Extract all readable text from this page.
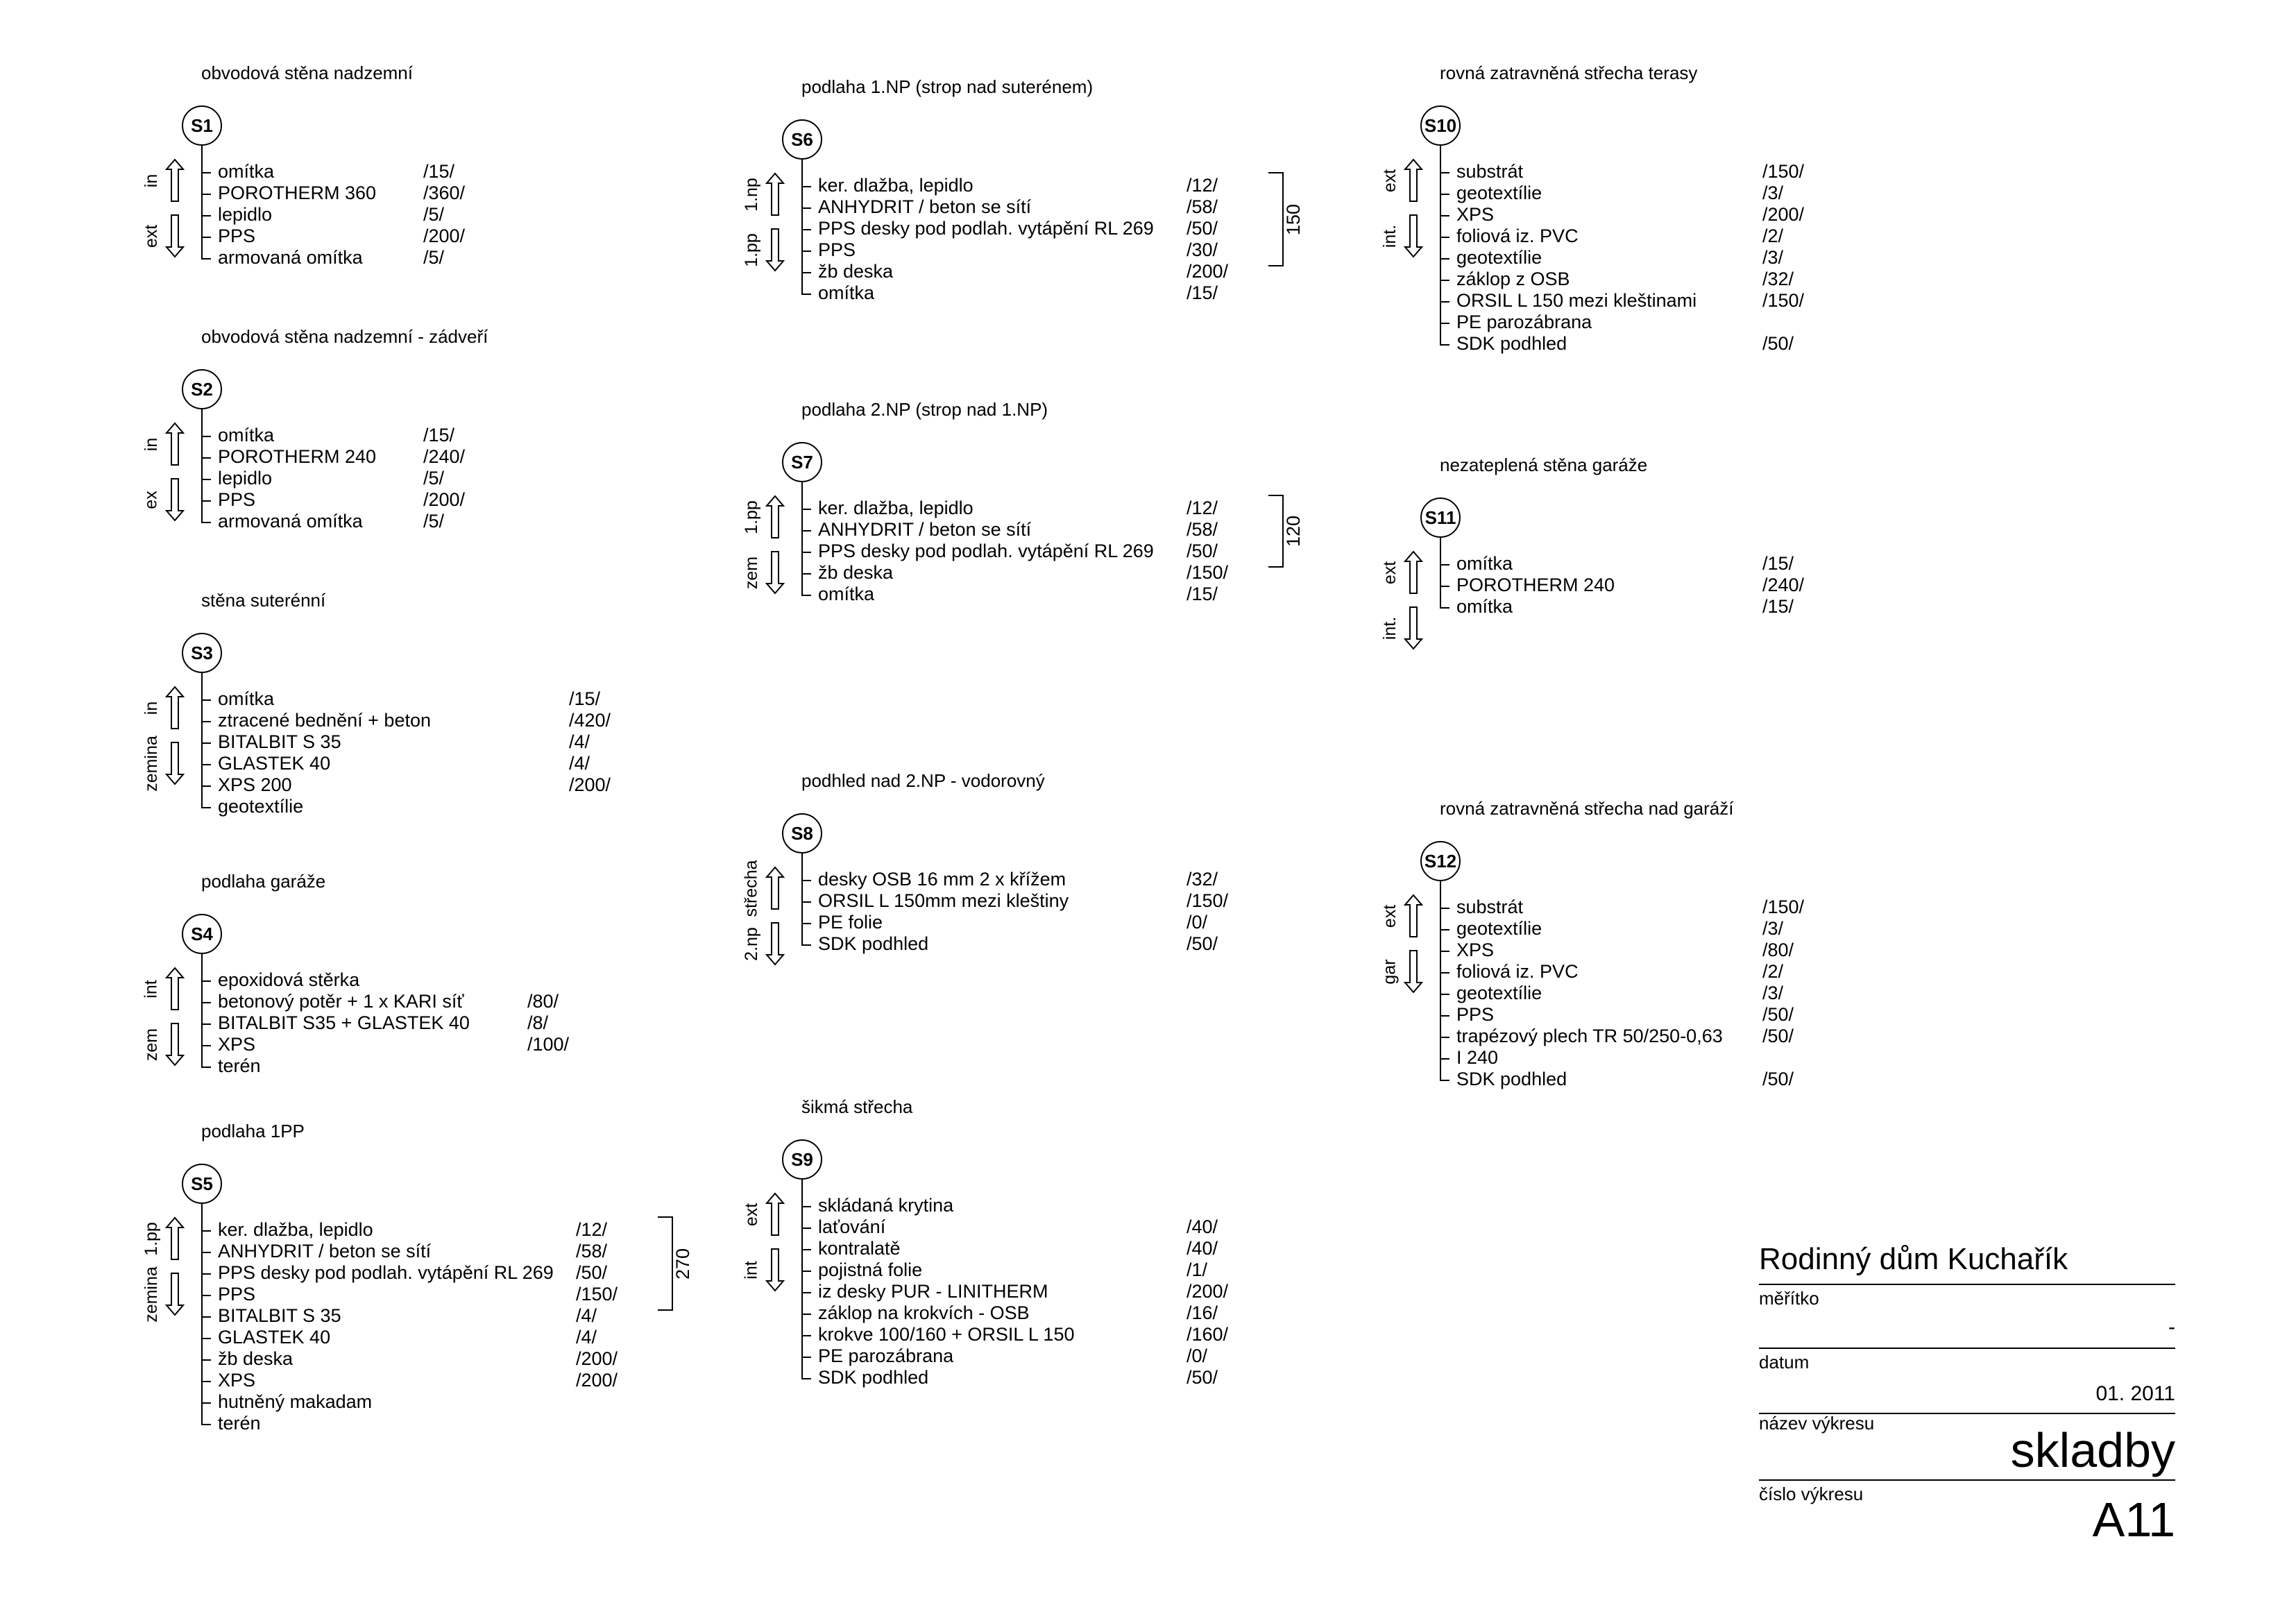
obvodová stěna nadzemní
S1
omítka	/15/
POROTHERM 360	/360/
lepidlo	/5/
PPS	/200/
armovaná omítka	/5/
in
ext
obvodová stěna nadzemní - zádveří
S2
omítka	/15/
POROTHERM 240	/240/
lepidlo	/5/
PPS	/200/
armovaná omítka	/5/
in
ex
stěna suterénní
S3
omítka	/15/
ztracené bednění + beton	/420/
BITALBIT S 35	/4/
GLASTEK 40	/4/
XPS 200	/200/
geotextílie
in
zemina
podlaha garáže
S4
epoxidová stěrka
betonový potěr + 1 x KARI síť	/80/
BITALBIT S35 + GLASTEK 40	/8/
XPS	/100/
terén
int
zem
podlaha 1PP
S5
ker. dlažba, lepidlo	/12/
ANHYDRIT / beton se sítí	/58/
PPS desky pod podlah. vytápění RL 269 /50/
PPS	/150/
BITALBIT S 35	/4/
GLASTEK 40	/4/
žb deska	/200/
XPS	/200/
hutněný makadam
terén
1.pp
zemina
270
podlaha 1.NP (strop nad suterénem)
S6
ker. dlažba, lepidlo	/12/
ANHYDRIT / beton se sítí	/58/
PPS desky pod podlah. vytápění RL 269 /50/
PPS	/30/
žb deska	/200/
omítka	/15/
1.np
1.pp
150
podlaha 2.NP (strop nad 1.NP)
S7
ker. dlažba, lepidlo	/12/
ANHYDRIT / beton se sítí	/58/
PPS desky pod podlah. vytápění RL 269 /50/
žb deska	/150/
omítka	/15/
1.pp
zem
120
podhled nad 2.NP - vodorovný
S8
desky OSB 16 mm 2 x křížem	/32/
ORSIL L 150mm mezi kleštiny	/150/
PE folie	/0/
SDK podhled	/50/
střecha
2.np
šikmá střecha
S9
skládaná krytina
laťování	/40/
kontralatě	/40/
pojistná folie	/1/
iz desky PUR - LINITHERM	/200/
záklop na krokvích - OSB	/16/
krokve 100/160 + ORSIL L 150	/160/
PE parozábrana	/0/
SDK podhled	/50/
ext
int
rovná zatravněná střecha terasy
S10
substrát	/150/
geotextílie	/3/
XPS	/200/
foliová iz. PVC	/2/
geotextílie	/3/
záklop z OSB	/32/
ORSIL L 150 mezi kleštinami	/150/
PE parozábrana
SDK podhled	/50/
ext
int.
nezateplená stěna garáže
S11
omítka	/15/
POROTHERM 240	/240/
omítka	/15/
ext
int.
rovná zatravněná střecha nad garáží
S12
substrát	/150/
geotextílie	/3/
XPS	/80/
foliová iz. PVC	/2/
geotextílie	/3/
PPS	/50/
trapézový plech TR 50/250-0,63 /50/
I 240
SDK podhled	/50/
ext
gar
Rodinný dům Kuchařík
měřítko
-
datum
01. 2011
název výkresu	skladby
číslo výkresu	A11
